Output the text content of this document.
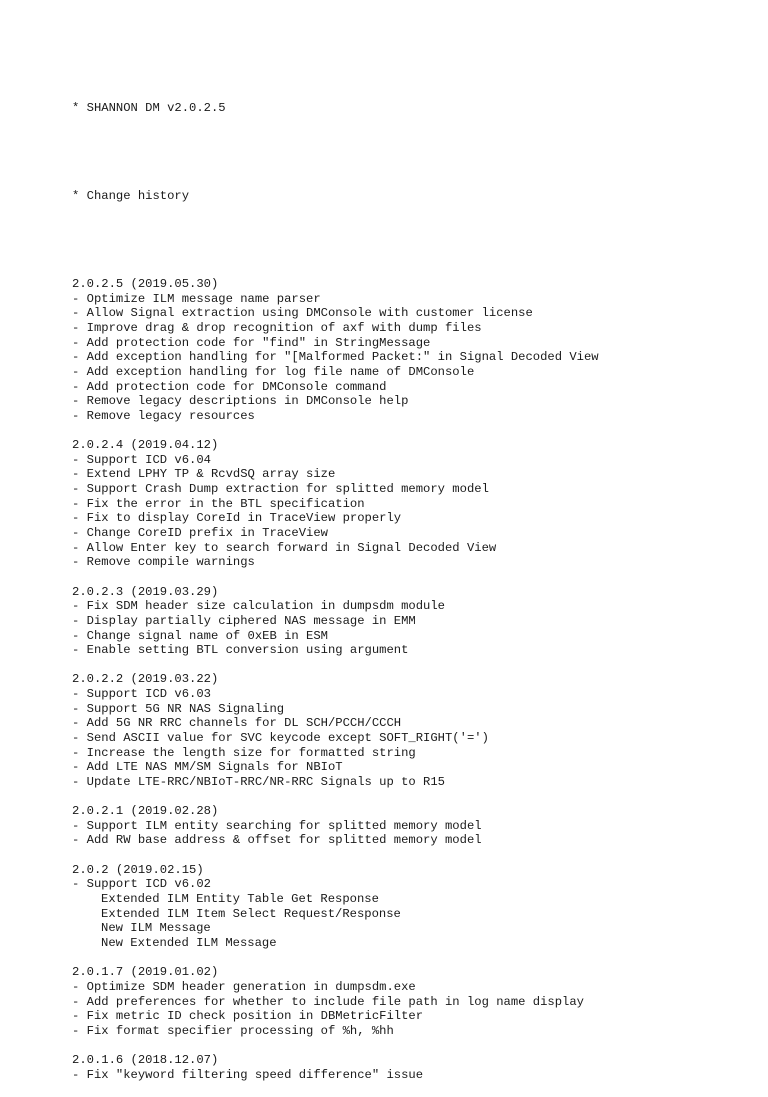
* SHANNON DM v2.0.2.5

* Change history

2.0.2.5 (2019.05.30)
- Optimize ILM message name parser
- Allow Signal extraction using DMConsole with customer license
- Improve drag & drop recognition of axf with dump files
- Add protection code for "find" in StringMessage
- Add exception handling for "[Malformed Packet:" in Signal Decoded View
- Add exception handling for log file name of DMConsole
- Add protection code for DMConsole command
- Remove legacy descriptions in DMConsole help
- Remove legacy resources
2.0.2.4 (2019.04.12)
- Support ICD v6.04
- Extend LPHY TP & RcvdSQ array size
- Support Crash Dump extraction for splitted memory model
- Fix the error in the BTL specification
- Fix to display CoreId in TraceView properly
- Change CoreID prefix in TraceView
- Allow Enter key to search forward in Signal Decoded View
- Remove compile warnings
2.0.2.3 (2019.03.29)
- Fix SDM header size calculation in dumpsdm module
- Display partially ciphered NAS message in EMM
- Change signal name of 0xEB in ESM
- Enable setting BTL conversion using argument
2.0.2.2 (2019.03.22)
- Support ICD v6.03
- Support 5G NR NAS Signaling
- Add 5G NR RRC channels for DL SCH/PCCH/CCCH
- Send ASCII value for SVC keycode except SOFT_RIGHT('=')
- Increase the length size for formatted string
- Add LTE NAS MM/SM Signals for NBIoT
- Update LTE-RRC/NBIoT-RRC/NR-RRC Signals up to R15
2.0.2.1 (2019.02.28)
- Support ILM entity searching for splitted memory model
- Add RW base address & offset for splitted memory model
2.0.2 (2019.02.15)
- Support ICD v6.02
Extended ILM Entity Table Get Response
Extended ILM Item Select Request/Response
New ILM Message
New Extended ILM Message
2.0.1.7 (2019.01.02)
- Optimize SDM header generation in dumpsdm.exe
- Add preferences for whether to include file path in log name display
- Fix metric ID check position in DBMetricFilter
- Fix format specifier processing of %h, %hh
2.0.1.6 (2018.12.07)
- Fix "keyword filtering speed difference" issue
